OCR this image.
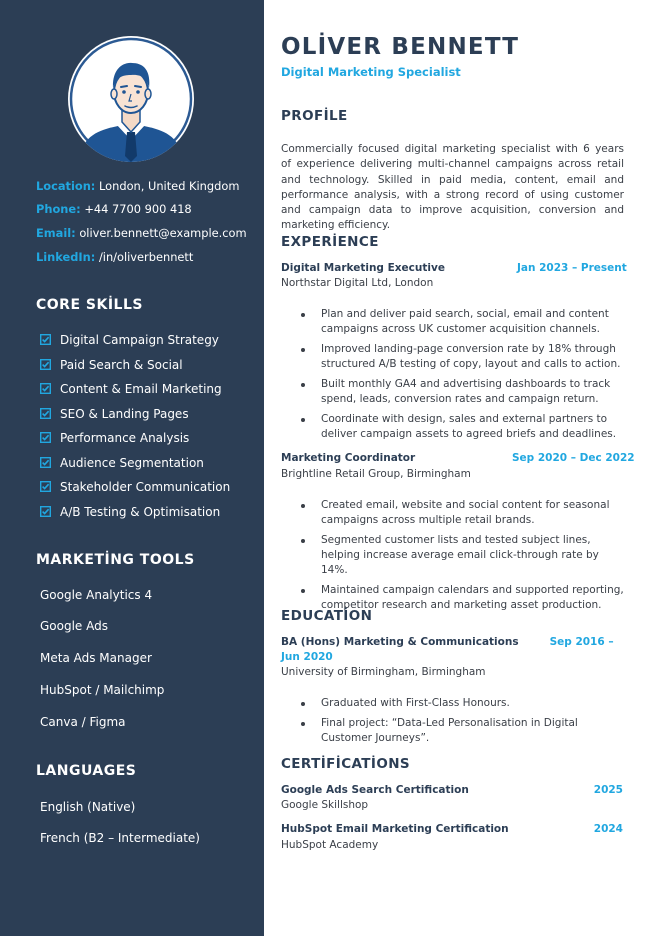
Location: London, United Kingdom
Phone: +44 7700 900 418
Email: oliver.bennett@example.com
LinkedIn: /in/oliverbennett
CORE SKİLLS
Digital Campaign Strategy
Paid Search & Social
Content & Email Marketing
SEO & Landing Pages
Performance Analysis
Audience Segmentation
Stakeholder Communication
A/B Testing & Optimisation
MARKETİNG TOOLS
Google Analytics 4
Google Ads
Meta Ads Manager
HubSpot / Mailchimp
Canva / Figma
LANGUAGES
English (Native)
French (B2 – Intermediate)
OLİVER BENNETT
Digital Marketing Specialist
PROFİLE
Commercially focused digital marketing specialist with 6 years of experience delivering multi-channel campaigns across retail and technology. Skilled in paid media, content, email and performance analysis, with a strong record of using customer and campaign data to improve acquisition, conversion and marketing efficiency.
EXPERİENCE
Digital Marketing Executive	Jan 2023 – Present
Northstar Digital Ltd, London
Plan and deliver paid search, social, email and content campaigns across UK customer acquisition channels.
Improved landing-page conversion rate by 18% through structured A/B testing of copy, layout and calls to action.
Built monthly GA4 and advertising dashboards to track spend, leads, conversion rates and campaign return.
Coordinate with design, sales and external partners to deliver campaign assets to agreed briefs and deadlines.
Marketing Coordinator	Sep 2020 – Dec 2022
Brightline Retail Group, Birmingham
Created email, website and social content for seasonal campaigns across multiple retail brands.
Segmented customer lists and tested subject lines, helping increase average email click-through rate by 14%.
Maintained campaign calendars and supported reporting, competitor research and marketing asset production.
EDUCATİON
BA (Hons) Marketing & Communications	Sep 2016 – Jun 2020
University of Birmingham, Birmingham
Graduated with First-Class Honours.
Final project: “Data-Led Personalisation in Digital Customer Journeys”.
CERTİFİCATİONS
Google Ads Search Certification	2025
Google Skillshop
HubSpot Email Marketing Certification	2024
HubSpot Academy
